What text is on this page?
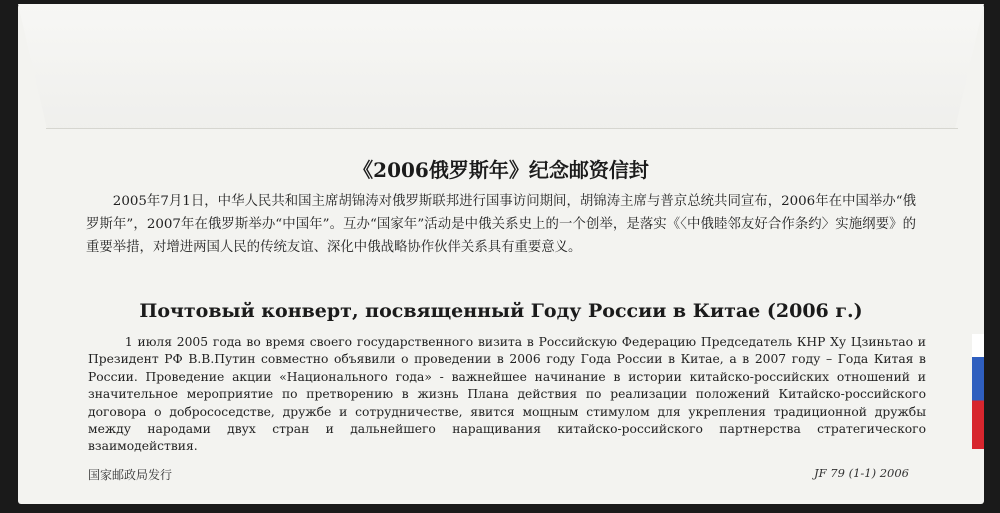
《2006俄罗斯年》纪念邮资信封

2005年7月1日，中华人民共和国主席胡锦涛对俄罗斯联邦进行国事访问期间，胡锦涛主席与普京总统共同宣布，2006年在中国举办“俄罗斯年”，2007年在俄罗斯举办“中国年”。互办“国家年”活动是中俄关系史上的一个创举，是落实《〈中俄睦邻友好合作条约〉实施纲要》的重要举措，对增进两国人民的传统友谊、深化中俄战略协作伙伴关系具有重要意义。

Почтовый конверт, посвященный Году России в Китае (2006 г.)

1 июля 2005 года во время своего государственного визита в Российскую Федерацию Председатель КНР Ху Цзиньтао и Президент РФ В.В.Путин совместно объявили о проведении в 2006 году Года России в Китае, а в 2007 году – Года Китая в России. Проведение акции «Национального года» - важнейшее начинание в истории китайско-российских отношений и значительное мероприятие по претворению в жизнь Плана действия по реализации положений Китайско-российского договора о добрососедстве, дружбе и сотрудничестве, явится мощным стимулом для укрепления традиционной дружбы между народами двух стран и дальнейшего наращивания китайско-российского партнерства стратегического взаимодействия.

国家邮政局发行	JF 79 (1-1) 2006
